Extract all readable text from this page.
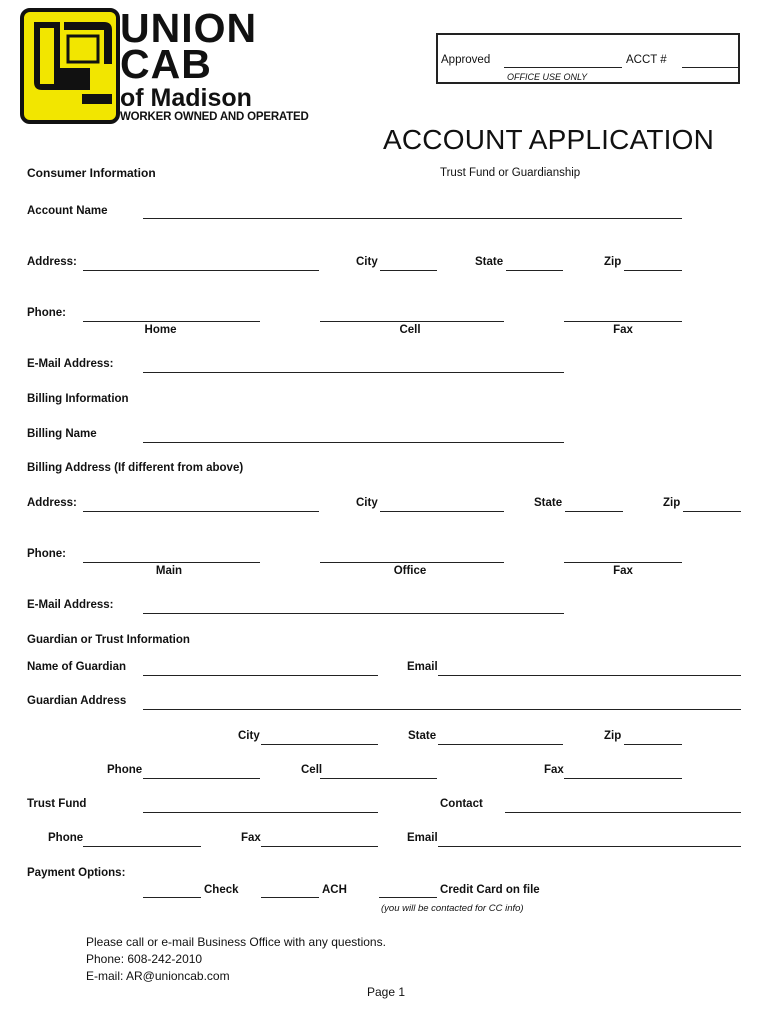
UNION
CAB
of Madison
WORKER OWNED AND OPERATED
Approved	ACCT #
OFFICE USE ONLY
ACCOUNT APPLICATION
Consumer Information	Trust Fund or Guardianship
Account Name
Address:	City	State	Zip
Phone:
Home	Cell	Fax
E-Mail Address:
Billing Information
Billing Name
Billing Address (If different from above)
Address:	City	State	Zip
Phone:
Main	Office	Fax
E-Mail Address:
Guardian or Trust Information
Name of Guardian	Email
Guardian Address
City	State	Zip
Phone	Cell	Fax
Trust Fund	Contact
Phone	Fax	Email
Payment Options:
Check	ACH	Credit Card on file
(you will be contacted for CC info)
Please call or e-mail Business Office with any questions.
Phone: 608-242-2010
E-mail: AR@unioncab.com
Page 1
